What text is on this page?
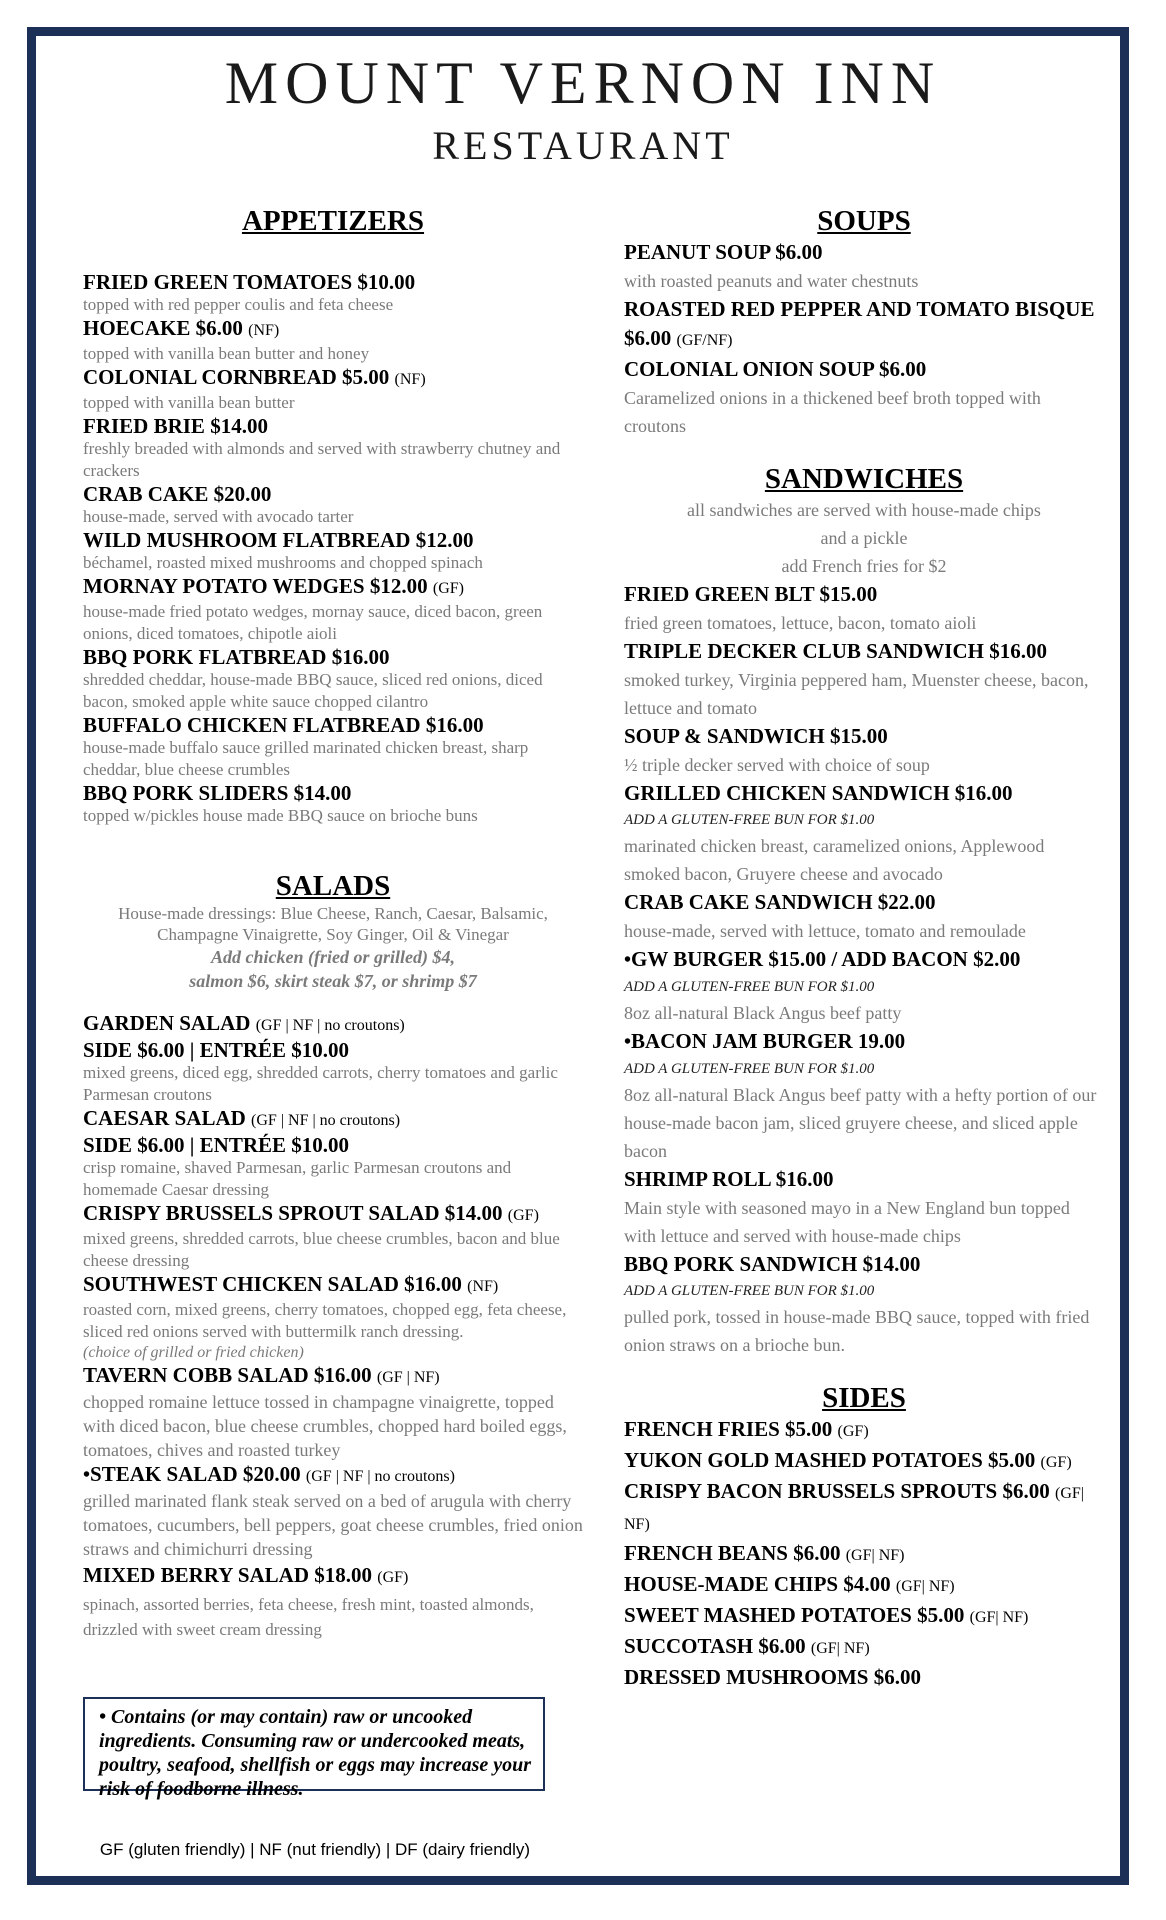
MOUNT VERNON INN
RESTAURANT
APPETIZERS
FRIED GREEN TOMATOES $10.00
topped with red pepper coulis and feta cheese
HOECAKE $6.00 (NF)
topped with vanilla bean butter and honey
COLONIAL CORNBREAD $5.00 (NF)
topped with vanilla bean butter
FRIED BRIE $14.00
freshly breaded with almonds and served with strawberry chutney and crackers
CRAB CAKE $20.00
house-made, served with avocado tarter
WILD MUSHROOM FLATBREAD $12.00
béchamel, roasted mixed mushrooms and chopped spinach
MORNAY POTATO WEDGES $12.00 (GF)
house-made fried potato wedges, mornay sauce, diced bacon, green onions, diced tomatoes, chipotle aioli
BBQ PORK FLATBREAD $16.00
shredded cheddar, house-made BBQ sauce, sliced red onions, diced bacon, smoked apple white sauce chopped cilantro
BUFFALO CHICKEN FLATBREAD $16.00
house-made buffalo sauce grilled marinated chicken breast, sharp cheddar, blue cheese crumbles
BBQ PORK SLIDERS $14.00
topped w/pickles house made BBQ sauce on brioche buns
SALADS
House-made dressings: Blue Cheese, Ranch, Caesar, Balsamic, Champagne Vinaigrette, Soy Ginger, Oil & Vinegar
Add chicken (fried or grilled) $4,
salmon $6, skirt steak $7, or shrimp $7
GARDEN SALAD (GF | NF | no croutons)
SIDE $6.00 | ENTRÉE $10.00
mixed greens, diced egg, shredded carrots, cherry tomatoes and garlic Parmesan croutons
CAESAR SALAD (GF | NF | no croutons)
SIDE $6.00 | ENTRÉE $10.00
crisp romaine, shaved Parmesan, garlic Parmesan croutons and homemade Caesar dressing
CRISPY BRUSSELS SPROUT SALAD $14.00 (GF)
mixed greens, shredded carrots, blue cheese crumbles, bacon and blue cheese dressing
SOUTHWEST CHICKEN SALAD $16.00 (NF)
roasted corn, mixed greens, cherry tomatoes, chopped egg, feta cheese, sliced red onions served with buttermilk ranch dressing.
(choice of grilled or fried chicken)
TAVERN COBB SALAD $16.00 (GF | NF)
chopped romaine lettuce tossed in champagne vinaigrette, topped with diced bacon, blue cheese crumbles, chopped hard boiled eggs, tomatoes, chives and roasted turkey
•STEAK SALAD $20.00 (GF | NF | no croutons)
grilled marinated flank steak served on a bed of arugula with cherry tomatoes, cucumbers, bell peppers, goat cheese crumbles, fried onion straws and chimichurri dressing
MIXED BERRY SALAD $18.00 (GF)
spinach, assorted berries, feta cheese, fresh mint, toasted almonds, drizzled with sweet cream dressing
• Contains (or may contain) raw or uncooked ingredients. Consuming raw or undercooked meats, poultry, seafood, shellfish or eggs may increase your risk of foodborne illness.
GF (gluten friendly) | NF (nut friendly) | DF (dairy friendly)
SOUPS
PEANUT SOUP $6.00
with roasted peanuts and water chestnuts
ROASTED RED PEPPER AND TOMATO BISQUE $6.00 (GF/NF)
COLONIAL ONION SOUP $6.00
Caramelized onions in a thickened beef broth topped with croutons
SANDWICHES
all sandwiches are served with house-made chips
and a pickle
add French fries for $2
FRIED GREEN BLT $15.00
fried green tomatoes, lettuce, bacon, tomato aioli
TRIPLE DECKER CLUB SANDWICH $16.00
smoked turkey, Virginia peppered ham, Muenster cheese, bacon, lettuce and tomato
SOUP & SANDWICH $15.00
½ triple decker served with choice of soup
GRILLED CHICKEN SANDWICH $16.00
ADD A GLUTEN-FREE BUN FOR $1.00
marinated chicken breast, caramelized onions, Applewood smoked bacon, Gruyere cheese and avocado
CRAB CAKE SANDWICH $22.00
house-made, served with lettuce, tomato and remoulade
•GW BURGER $15.00 / ADD BACON $2.00
ADD A GLUTEN-FREE BUN FOR $1.00
8oz all-natural Black Angus beef patty
•BACON JAM BURGER 19.00
ADD A GLUTEN-FREE BUN FOR $1.00
8oz all-natural Black Angus beef patty with a hefty portion of our house-made bacon jam, sliced gruyere cheese, and sliced apple bacon
SHRIMP ROLL $16.00
Main style with seasoned mayo in a New England bun topped with lettuce and served with house-made chips
BBQ PORK SANDWICH $14.00
ADD A GLUTEN-FREE BUN FOR $1.00
pulled pork, tossed in house-made BBQ sauce, topped with fried onion straws on a brioche bun.
SIDES
FRENCH FRIES $5.00 (GF)
YUKON GOLD MASHED POTATOES $5.00 (GF)
CRISPY BACON BRUSSELS SPROUTS $6.00 (GF| NF)
FRENCH BEANS $6.00 (GF| NF)
HOUSE-MADE CHIPS $4.00 (GF| NF)
SWEET MASHED POTATOES $5.00 (GF| NF)
SUCCOTASH $6.00 (GF| NF)
DRESSED MUSHROOMS $6.00
